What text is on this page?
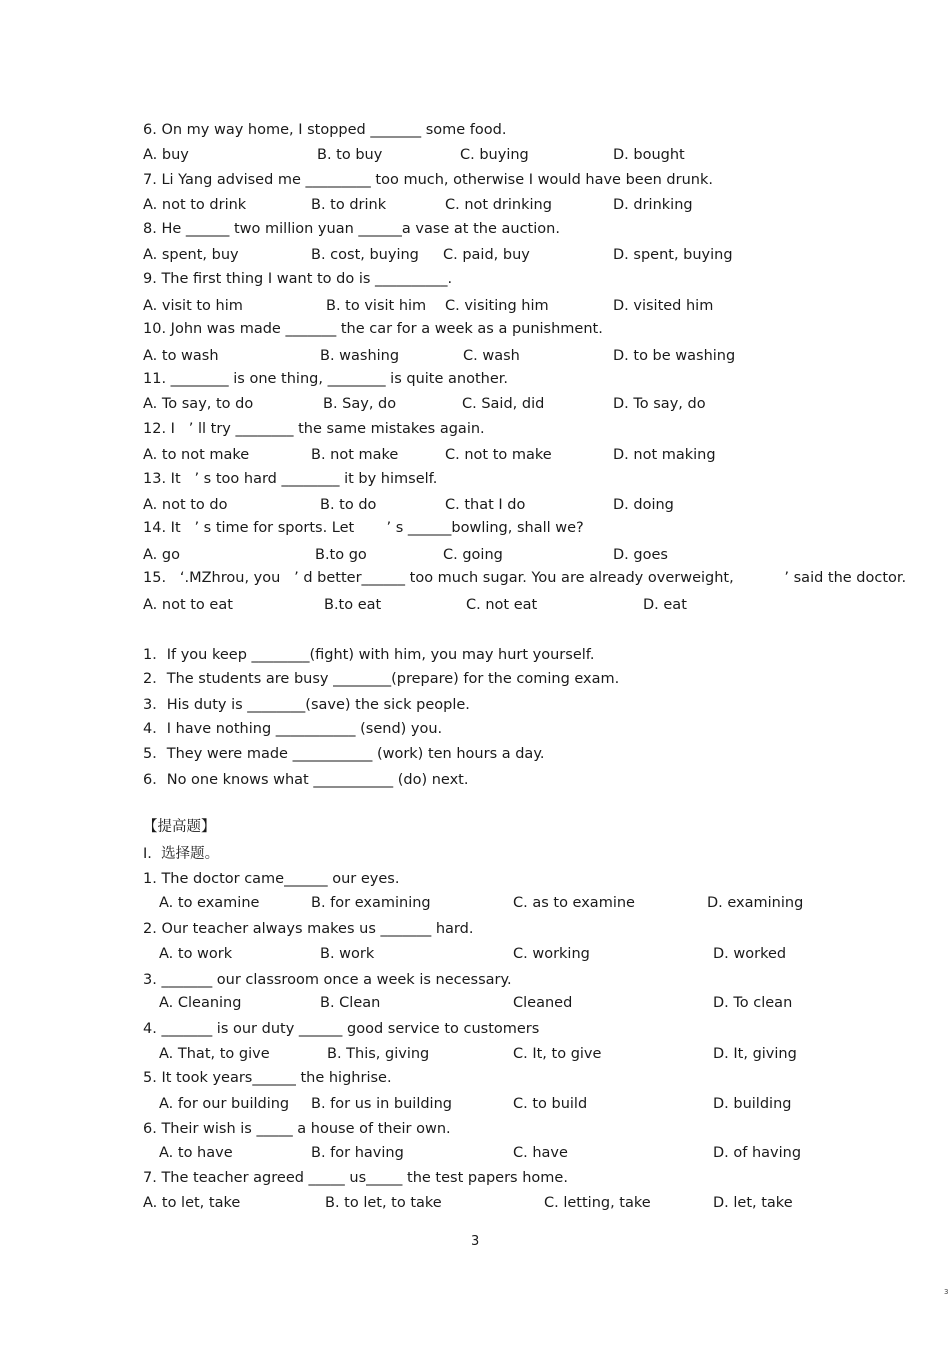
6. On my way home, I stopped _______ some food.
A. buy	B. to buy	C. buying	D. bought
7. Li Yang advised me _________ too much, otherwise I would have been drunk.
A. not to drink	B. to drink	C. not drinking	D. drinking
8. He ______ two million yuan ______a vase at the auction.
A. spent, buy	B. cost, buying C. paid, buy	D. spent, buying
9. The first thing I want to do is __________.
A. visit to him	B. to visit him C. visiting him	D. visited him
10. John was made _______ the car for a week as a punishment.
A. to wash	B. washing	C. wash	D. to be washing
11. ________ is one thing, ________ is quite another.
A. To say, to do	B. Say, do	C. Said, did	D. To say, do
12. I   ’ ll try ________ the same mistakes again.
A. to not make	B. not make	C. not to make	D. not making
13. It   ’ s too hard ________ it by himself.
A. not to do	B. to do	C. that I do	D. doing
14. It   ’ s time for sports. Let       ’ s ______bowling, shall we?
A. go	B.to go	C. going	D. goes
15.   ‘.MZhrou, you   ’ d better______ too much sugar. You are already overweight,           ’ said the doctor.
A. not to eat	B.to eat	C. not eat	D. eat
1．If you keep ________(fight) with him, you may hurt yourself.
2．The students are busy ________(prepare) for the coming exam.
3．His duty is ________(save) the sick people.
4．I have nothing ___________ (send) you.
5．They were made ___________ (work) ten hours a day.
6．No one knows what ___________ (do) next.
【提高题】
I.  选择题。
1. The doctor came______ our eyes.
A. to examine	B. for examining	C. as to examine	D. examining
2. Our teacher always makes us _______ hard.
A. to work	B. work	C. working	D. worked
3. _______ our classroom once a week is necessary.
A. Cleaning	B. Clean	Cleaned	D. To clean
4. _______ is our duty ______ good service to customers
A. That, to give	B. This, giving	C. It, to give	D. It, giving
5. It took years______ the highrise.
A. for our building B. for us in building	C. to build	D. building
6. Their wish is _____ a house of their own.
A. to have	B. for having	C. have	D. of having
7. The teacher agreed _____ us_____ the test papers home.
A. to let, take	B. to let, to take	C. letting, take	D. let, take
3
3
